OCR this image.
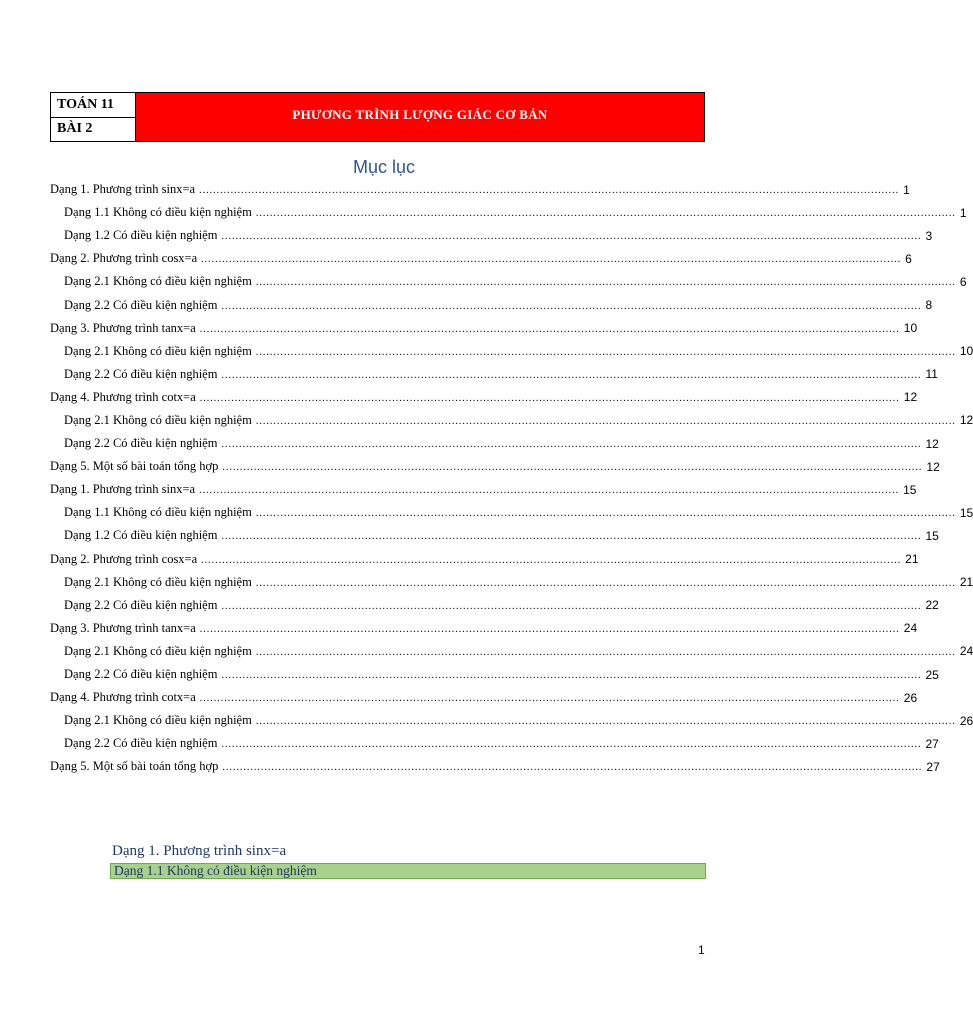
TOÁN 11
BÀI 2
PHƯƠNG TRÌNH LƯỢNG GIÁC CƠ BẢN
Mục lục
Dạng 1. Phương trình sinx=a ........................................................................................................................................................................................................ 1
Dạng 1.1 Không có điều kiện nghiệm ........................................................................................................................................................................................................ 1
Dạng 1.2 Có điều kiện nghiệm ........................................................................................................................................................................................................ 3
Dạng 2. Phương trình cosx=a ........................................................................................................................................................................................................ 6
Dạng 2.1 Không có điều kiện nghiệm ........................................................................................................................................................................................................ 6
Dạng 2.2 Có điều kiện nghiệm ........................................................................................................................................................................................................ 8
Dạng 3. Phương trình tanx=a ........................................................................................................................................................................................................ 10
Dạng 2.1 Không có điều kiện nghiệm ........................................................................................................................................................................................................ 10
Dạng 2.2 Có điều kiện nghiệm ........................................................................................................................................................................................................ 11
Dạng 4. Phương trình cotx=a ........................................................................................................................................................................................................ 12
Dạng 2.1 Không có điều kiện nghiệm ........................................................................................................................................................................................................ 12
Dạng 2.2 Có điều kiện nghiệm ........................................................................................................................................................................................................ 12
Dạng 5. Một số bài toán tổng hợp ........................................................................................................................................................................................................ 12
Dạng 1. Phương trình sinx=a ........................................................................................................................................................................................................ 15
Dạng 1.1 Không có điều kiện nghiệm ........................................................................................................................................................................................................ 15
Dạng 1.2 Có điều kiện nghiệm ........................................................................................................................................................................................................ 15
Dạng 2. Phương trình cosx=a ........................................................................................................................................................................................................ 21
Dạng 2.1 Không có điều kiện nghiệm ........................................................................................................................................................................................................ 21
Dạng 2.2 Có điều kiện nghiệm ........................................................................................................................................................................................................ 22
Dạng 3. Phương trình tanx=a ........................................................................................................................................................................................................ 24
Dạng 2.1 Không có điều kiện nghiệm ........................................................................................................................................................................................................ 24
Dạng 2.2 Có điều kiện nghiệm ........................................................................................................................................................................................................ 25
Dạng 4. Phương trình cotx=a ........................................................................................................................................................................................................ 26
Dạng 2.1 Không có điều kiện nghiệm ........................................................................................................................................................................................................ 26
Dạng 2.2 Có điều kiện nghiệm ........................................................................................................................................................................................................ 27
Dạng 5. Một số bài toán tổng hợp ........................................................................................................................................................................................................ 27
Dạng 1. Phương trình sinx=a
Dạng 1.1 Không có điều kiện nghiệm
1
